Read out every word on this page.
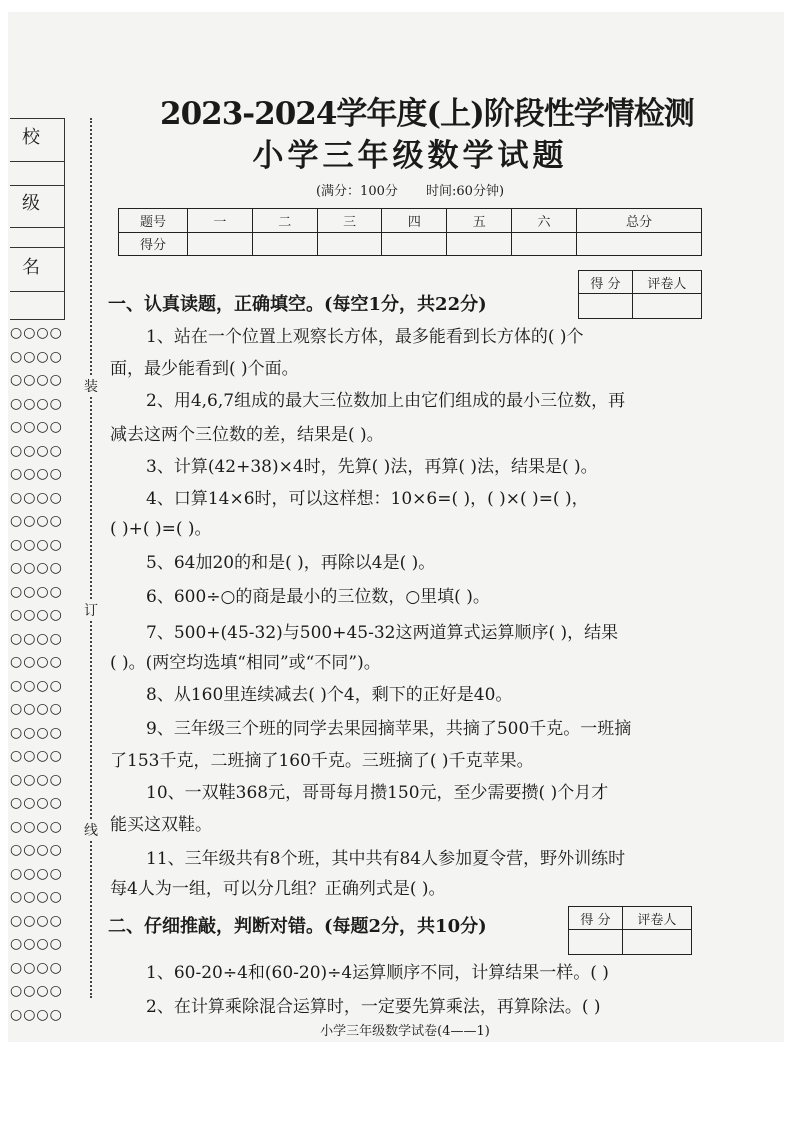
校
级
名
○○○○
○○○○
○○○○
○○○○
○○○○
○○○○
○○○○
○○○○
○○○○
○○○○
○○○○
○○○○
○○○○
○○○○
○○○○
○○○○
○○○○
○○○○
○○○○
○○○○
○○○○
○○○○
○○○○
○○○○
○○○○
○○○○
○○○○
○○○○
○○○○
○○○○
装
订
线
2023-2024学年度(上)阶段性学情检测
小学三年级数学试题
(满分：100分 时间:60分钟)
题号	一	二	三	四	五	六	总分
得分							
得 分	评卷人

一、认真读题，正确填空。(每空1分，共22分)
1、站在一个位置上观察长方体，最多能看到长方体的( )个
面，最少能看到( )个面。
2、用4,6,7组成的最大三位数加上由它们组成的最小三位数，再
减去这两个三位数的差，结果是( )。
3、计算(42+38)×4时，先算( )法，再算( )法，结果是( )。
4、口算14×6时，可以这样想：10×6=( )，( )×( )=( )，
( )+( )=( )。
5、64加20的和是( )，再除以4是( )。
6、600÷○的商是最小的三位数，○里填( )。
7、500+(45-32)与500+45-32这两道算式运算顺序( )，结果
( )。(两空均选填“相同”或“不同”)。
8、从160里连续减去( )个4，剩下的正好是40。
9、三年级三个班的同学去果园摘苹果，共摘了500千克。一班摘
了153千克，二班摘了160千克。三班摘了( )千克苹果。
10、一双鞋368元，哥哥每月攒150元，至少需要攒( )个月才
能买这双鞋。
11、三年级共有8个班，其中共有84人参加夏令营，野外训练时
每4人为一组，可以分几组？正确列式是( )。
得 分	评卷人

二、仔细推敲，判断对错。(每题2分，共10分)
1、60-20÷4和(60-20)÷4运算顺序不同，计算结果一样。( )
2、在计算乘除混合运算时，一定要先算乘法，再算除法。( )
小学三年级数学试卷(4——1)
